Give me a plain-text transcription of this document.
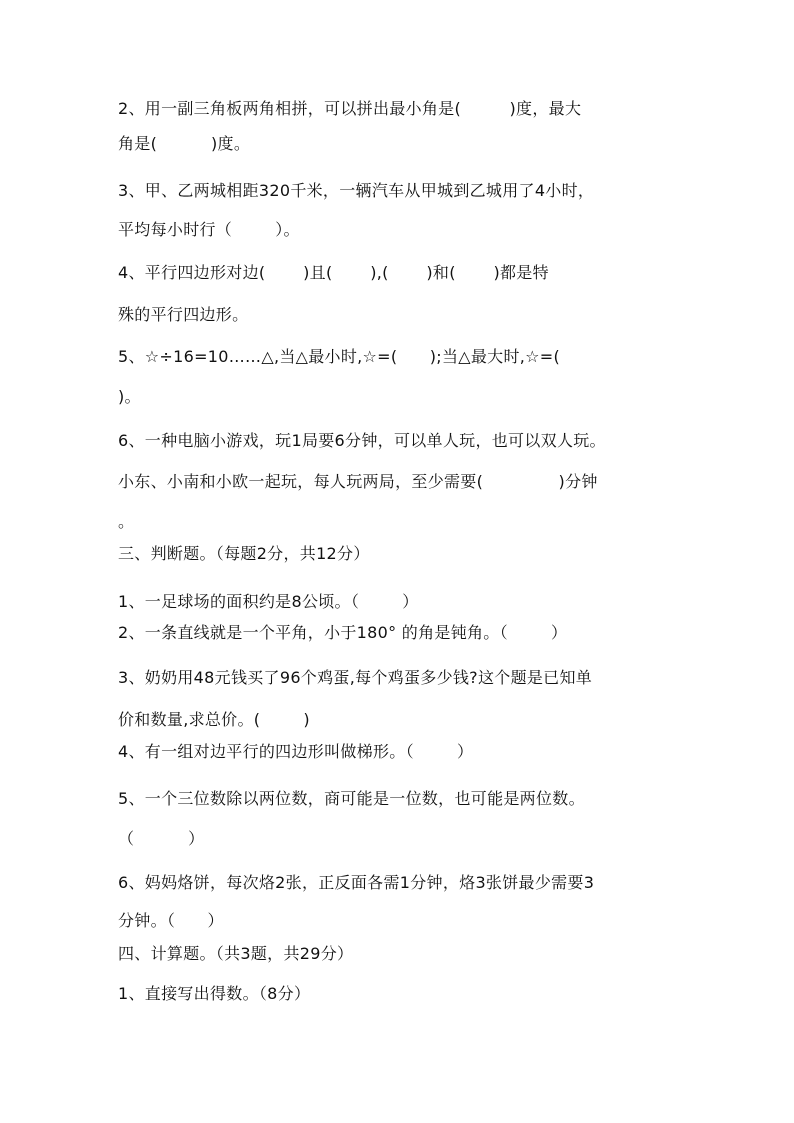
2、用一副三角板两角相拼，可以拼出最小角是(         )度，最大
角是(          )度。
3、甲、乙两城相距320千米，一辆汽车从甲城到乙城用了4小时，
平均每小时行（        ）。
4、平行四边形对边(       )且(       ),(       )和(       )都是特
殊的平行四边形。
5、☆÷16=10……△,当△最小时,☆=(      );当△最大时,☆=(
)。
6、一种电脑小游戏，玩1局要6分钟，可以单人玩，也可以双人玩。
小东、小南和小欧一起玩，每人玩两局，至少需要(              )分钟
。
三、判断题。（每题2分，共12分）
1、一足球场的面积约是8公顷。（        ）
2、一条直线就是一个平角，小于180° 的角是钝角。（        ）
3、奶奶用48元钱买了96个鸡蛋,每个鸡蛋多少钱?这个题是已知单
价和数量,求总价。(        )
4、有一组对边平行的四边形叫做梯形。（        ）
5、一个三位数除以两位数，商可能是一位数，也可能是两位数。
（          ）
6、妈妈烙饼，每次烙2张，正反面各需1分钟，烙3张饼最少需要3
分钟。（      ）
四、计算题。（共3题，共29分）
1、直接写出得数。（8分）
